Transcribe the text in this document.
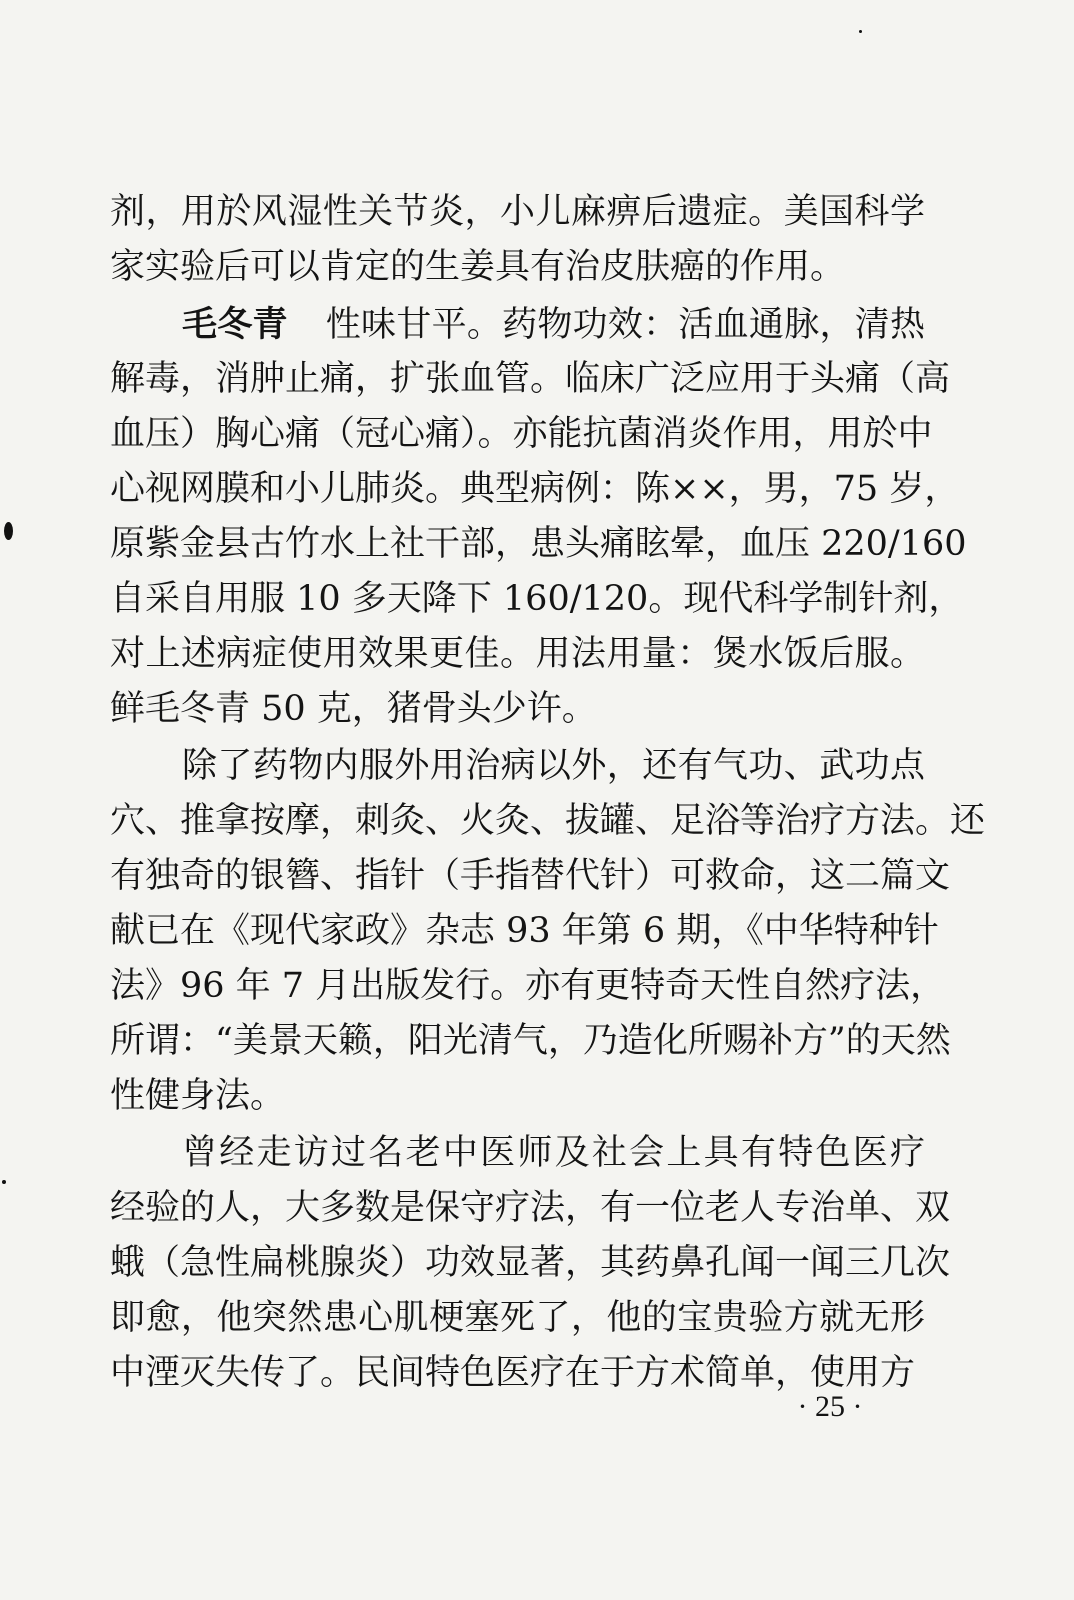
剂，用於风湿性关节炎，小儿麻痹后遗症。美国科学
家实验后可以肯定的生姜具有治皮肤癌的作用。
毛冬青 性味甘平。药物功效：活血通脉，清热
解毒，消肿止痛，扩张血管。临床广泛应用于头痛（高
血压）胸心痛（冠心痛）。亦能抗菌消炎作用，用於中
心视网膜和小儿肺炎。典型病例：陈××，男，75 岁，
原紫金县古竹水上社干部，患头痛眩晕，血压 220/160
自采自用服 10 多天降下 160/120。现代科学制针剂，
对上述病症使用效果更佳。用法用量：煲水饭后服。
鲜毛冬青 50 克，猪骨头少许。
除了药物内服外用治病以外，还有气功、武功点
穴、推拿按摩，刺灸、火灸、拔罐、足浴等治疗方法。还
有独奇的银簪、指针（手指替代针）可救命，这二篇文
献已在《现代家政》杂志 93 年第 6 期，《中华特种针
法》96 年 7 月出版发行。亦有更特奇天性自然疗法，
所谓：“美景天籁，阳光清气，乃造化所赐补方”的天然
性健身法。
曾经走访过名老中医师及社会上具有特色医疗
经验的人，大多数是保守疗法，有一位老人专治单、双
蛾（急性扁桃腺炎）功效显著，其药鼻孔闻一闻三几次
即愈，他突然患心肌梗塞死了，他的宝贵验方就无形
中湮灭失传了。民间特色医疗在于方术简单，使用方
· 25 ·
